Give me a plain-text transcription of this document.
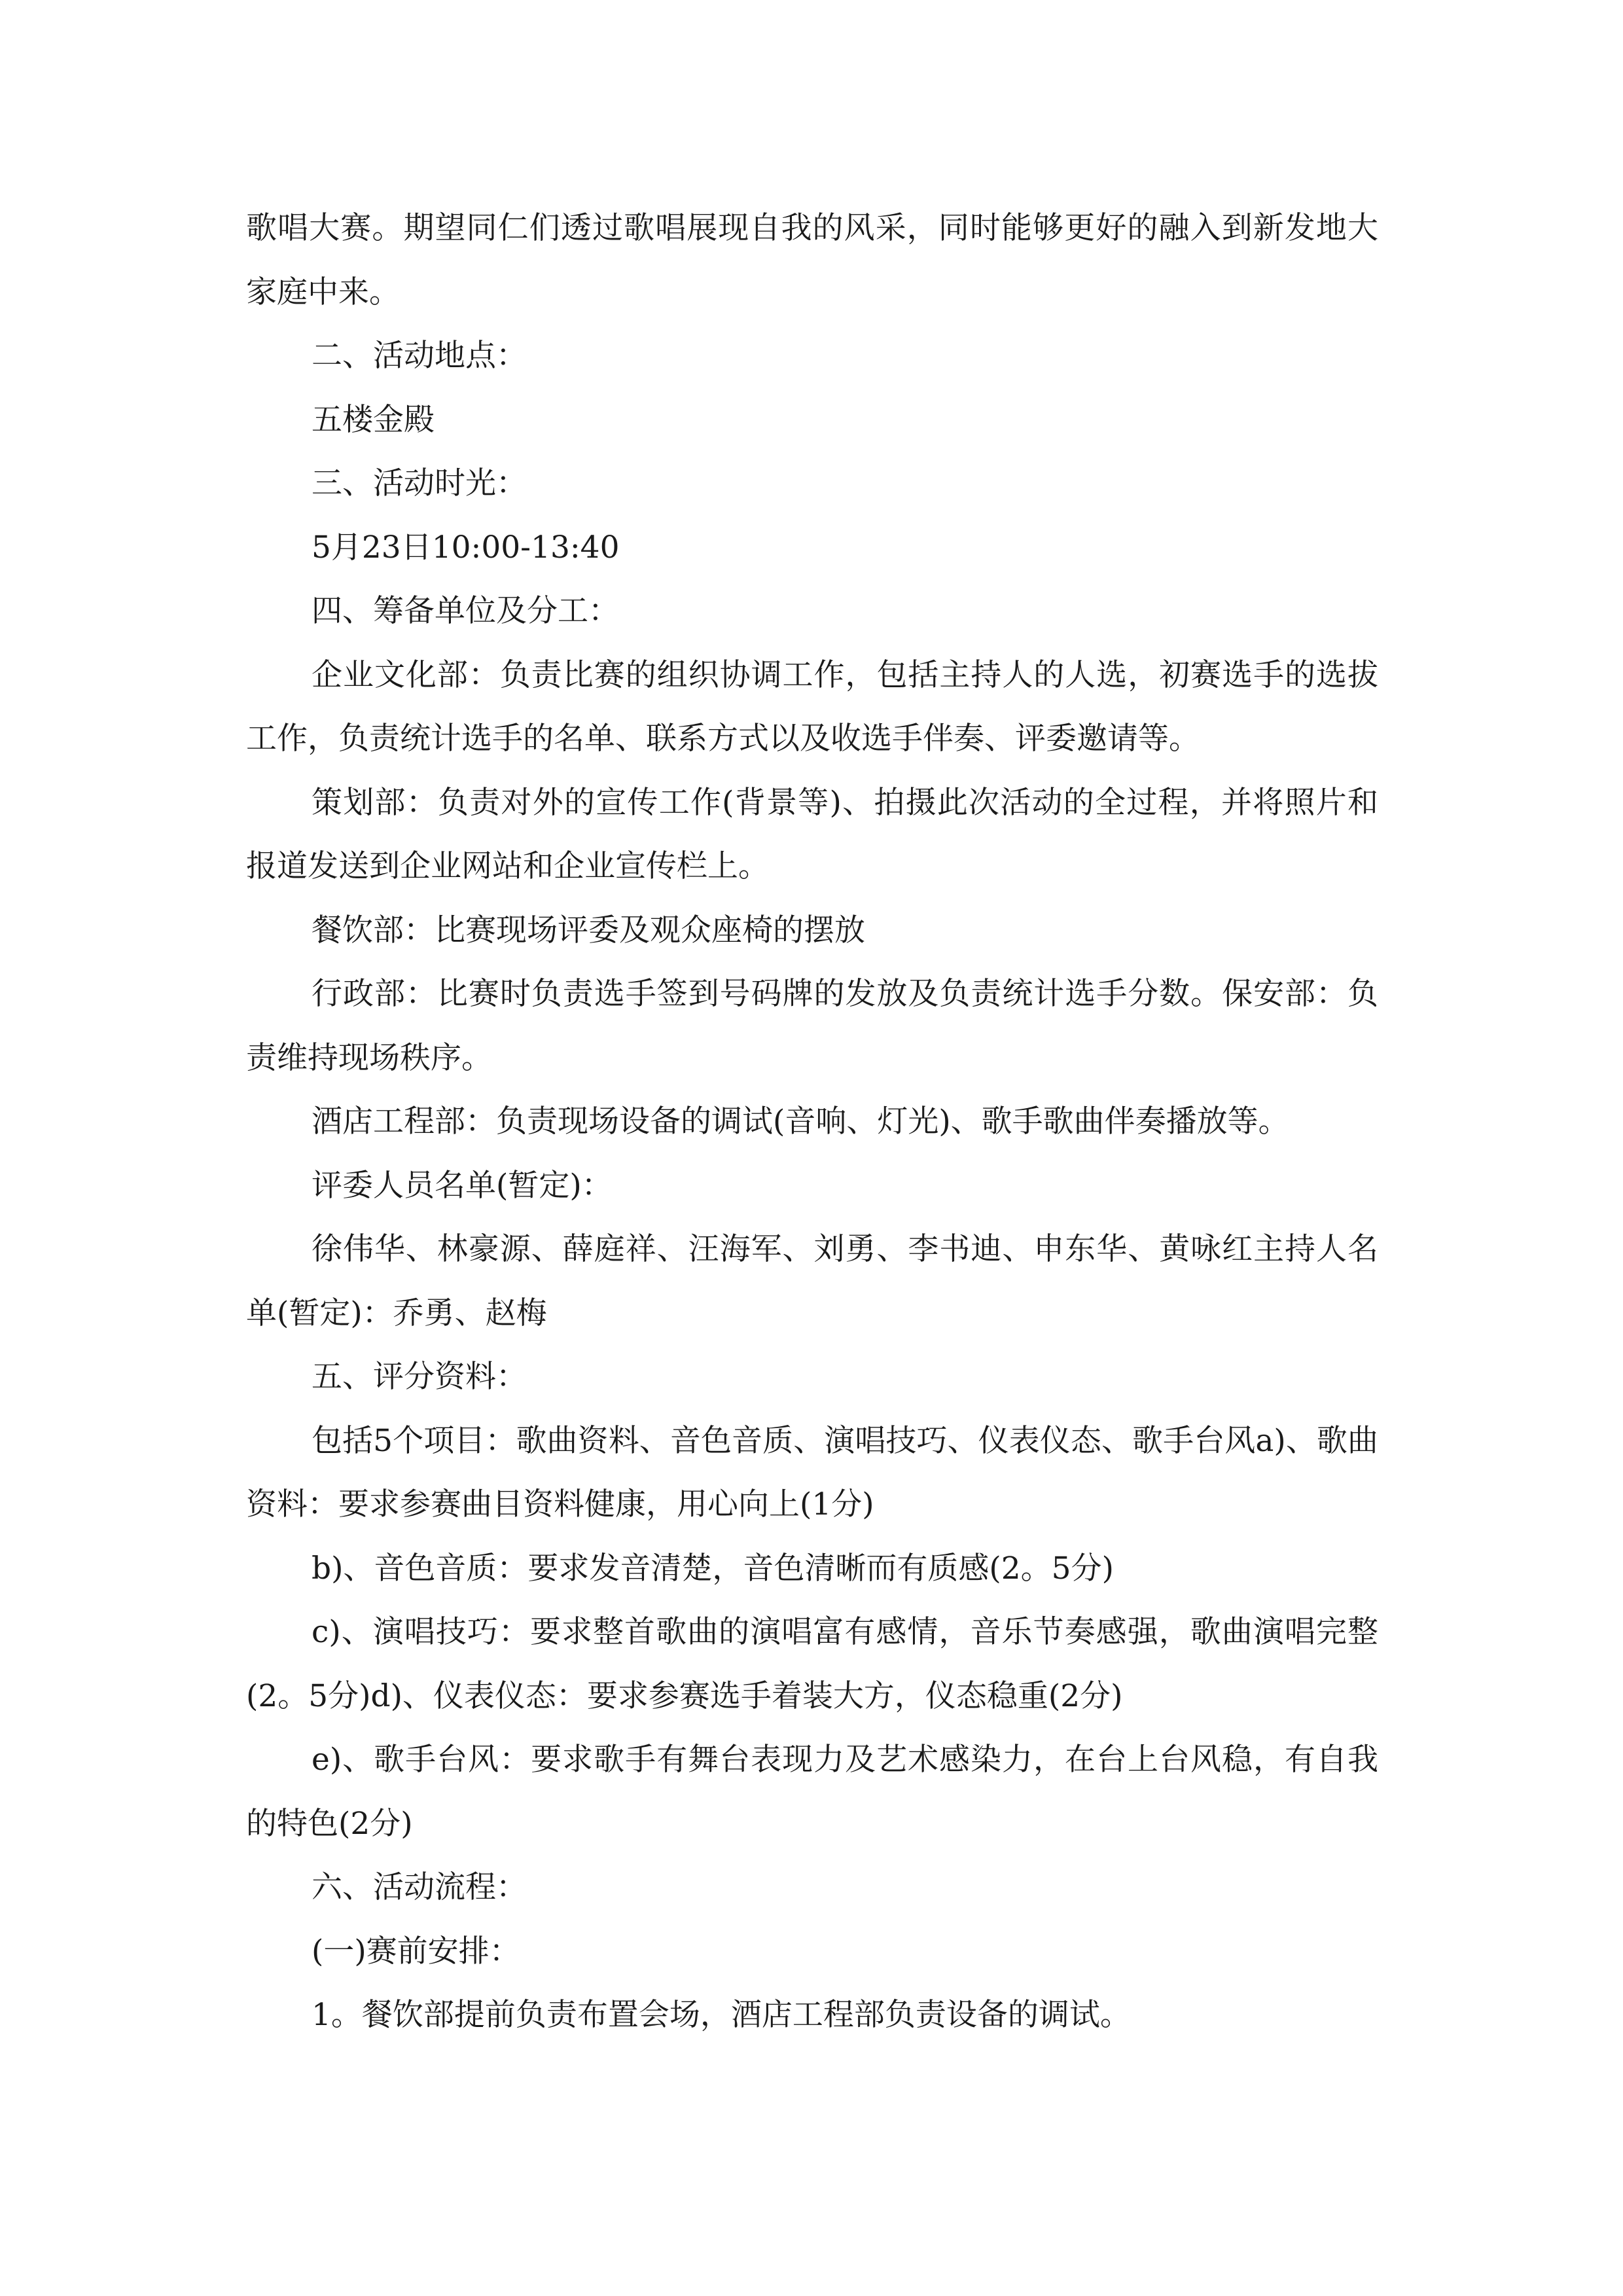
歌唱大赛。期望同仁们透过歌唱展现自我的风采，同时能够更好的融入到新发地大家庭中来。

二、活动地点：

五楼金殿

三、活动时光：

5月23日10:00-13:40

四、筹备单位及分工：

企业文化部：负责比赛的组织协调工作，包括主持人的人选，初赛选手的选拔工作，负责统计选手的名单、联系方式以及收选手伴奏、评委邀请等。

策划部：负责对外的宣传工作(背景等)、拍摄此次活动的全过程，并将照片和报道发送到企业网站和企业宣传栏上。

餐饮部：比赛现场评委及观众座椅的摆放

行政部：比赛时负责选手签到号码牌的发放及负责统计选手分数。保安部：负责维持现场秩序。

酒店工程部：负责现场设备的调试(音响、灯光)、歌手歌曲伴奏播放等。

评委人员名单(暂定)：

徐伟华、林豪源、薛庭祥、汪海军、刘勇、李书迪、申东华、黄咏红主持人名单(暂定)：乔勇、赵梅

五、评分资料：

包括5个项目：歌曲资料、音色音质、演唱技巧、仪表仪态、歌手台风a)、歌曲资料：要求参赛曲目资料健康，用心向上(1分)

b)、音色音质：要求发音清楚，音色清晰而有质感(2。5分)

c)、演唱技巧：要求整首歌曲的演唱富有感情，音乐节奏感强，歌曲演唱完整(2。5分)d)、仪表仪态：要求参赛选手着装大方，仪态稳重(2分)

e)、歌手台风：要求歌手有舞台表现力及艺术感染力，在台上台风稳，有自我的特色(2分)

六、活动流程：

(一)赛前安排：

1。餐饮部提前负责布置会场，酒店工程部负责设备的调试。
